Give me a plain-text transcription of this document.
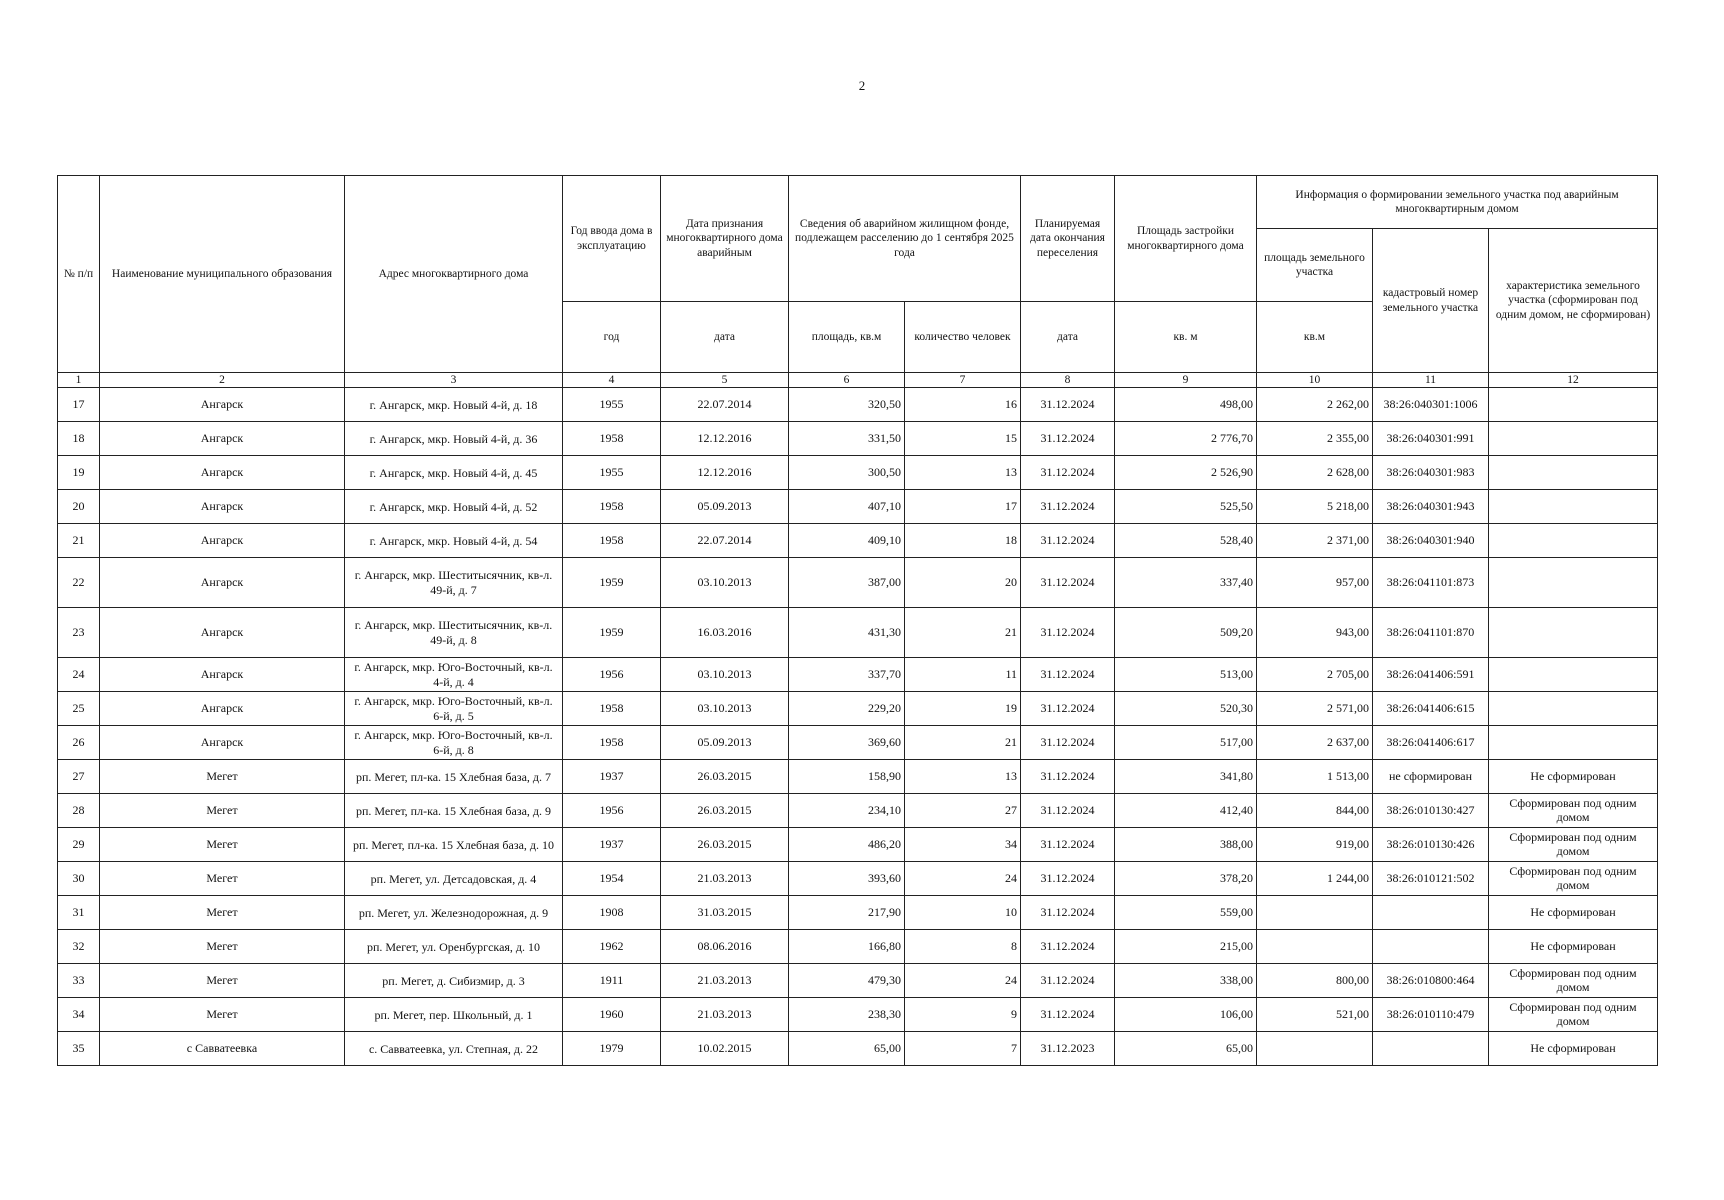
2
№ п/п	Наименование муниципального образования	Адрес многоквартирного дома	Год ввода дома в эксплуатацию	Дата признания многоквартирного дома аварийным	Сведения об аварийном жилищном фонде, подлежащем расселению до 1 сентября 2025 года		Планируемая дата окончания переселения	Площадь застройки многоквартирного дома	Информация о формировании земельного участка под аварийным многоквартирным домом		
									площадь земельного участка	кадастровый номер земельного участка	характеристика земельного участка (сформирован под одним домом, не сформирован)
			год	дата	площадь, кв.м	количество человек	дата	кв. м	кв.м		
1	2	3	4	5	6	7	8	9	10	11	12
17	Ангарск	г. Ангарск, мкр. Новый 4-й, д. 18	1955	22.07.2014	320,50	16	31.12.2024	498,00	2 262,00	38:26:040301:1006	
18	Ангарск	г. Ангарск, мкр. Новый 4-й, д. 36	1958	12.12.2016	331,50	15	31.12.2024	2 776,70	2 355,00	38:26:040301:991	
19	Ангарск	г. Ангарск, мкр. Новый 4-й, д. 45	1955	12.12.2016	300,50	13	31.12.2024	2 526,90	2 628,00	38:26:040301:983	
20	Ангарск	г. Ангарск, мкр. Новый 4-й, д. 52	1958	05.09.2013	407,10	17	31.12.2024	525,50	5 218,00	38:26:040301:943	
21	Ангарск	г. Ангарск, мкр. Новый 4-й, д. 54	1958	22.07.2014	409,10	18	31.12.2024	528,40	2 371,00	38:26:040301:940	
22	Ангарск	г. Ангарск, мкр. Шеститысячник, кв-л. 49-й, д. 7	1959	03.10.2013	387,00	20	31.12.2024	337,40	957,00	38:26:041101:873	
23	Ангарск	г. Ангарск, мкр. Шеститысячник, кв-л. 49-й, д. 8	1959	16.03.2016	431,30	21	31.12.2024	509,20	943,00	38:26:041101:870	
24	Ангарск	г. Ангарск, мкр. Юго-Восточный, кв-л. 4-й, д. 4	1956	03.10.2013	337,70	11	31.12.2024	513,00	2 705,00	38:26:041406:591	
25	Ангарск	г. Ангарск, мкр. Юго-Восточный, кв-л. 6-й, д. 5	1958	03.10.2013	229,20	19	31.12.2024	520,30	2 571,00	38:26:041406:615	
26	Ангарск	г. Ангарск, мкр. Юго-Восточный, кв-л. 6-й, д. 8	1958	05.09.2013	369,60	21	31.12.2024	517,00	2 637,00	38:26:041406:617	
27	Мегет	рп. Мегет, пл-ка. 15 Хлебная база, д. 7	1937	26.03.2015	158,90	13	31.12.2024	341,80	1 513,00	не сформирован	Не сформирован
28	Мегет	рп. Мегет, пл-ка. 15 Хлебная база, д. 9	1956	26.03.2015	234,10	27	31.12.2024	412,40	844,00	38:26:010130:427	Сформирован под одним домом
29	Мегет	рп. Мегет, пл-ка. 15 Хлебная база, д. 10	1937	26.03.2015	486,20	34	31.12.2024	388,00	919,00	38:26:010130:426	Сформирован под одним домом
30	Мегет	рп. Мегет, ул. Детсадовская, д. 4	1954	21.03.2013	393,60	24	31.12.2024	378,20	1 244,00	38:26:010121:502	Сформирован под одним домом
31	Мегет	рп. Мегет, ул. Железнодорожная, д. 9	1908	31.03.2015	217,90	10	31.12.2024	559,00			Не сформирован
32	Мегет	рп. Мегет, ул. Оренбургская, д. 10	1962	08.06.2016	166,80	8	31.12.2024	215,00			Не сформирован
33	Мегет	рп. Мегет, д. Сибизмир, д. 3	1911	21.03.2013	479,30	24	31.12.2024	338,00	800,00	38:26:010800:464	Сформирован под одним домом
34	Мегет	рп. Мегет, пер. Школьный, д. 1	1960	21.03.2013	238,30	9	31.12.2024	106,00	521,00	38:26:010110:479	Сформирован под одним домом
35	с Савватеевка	с. Савватеевка, ул. Степная, д. 22	1979	10.02.2015	65,00	7	31.12.2023	65,00			Не сформирован
